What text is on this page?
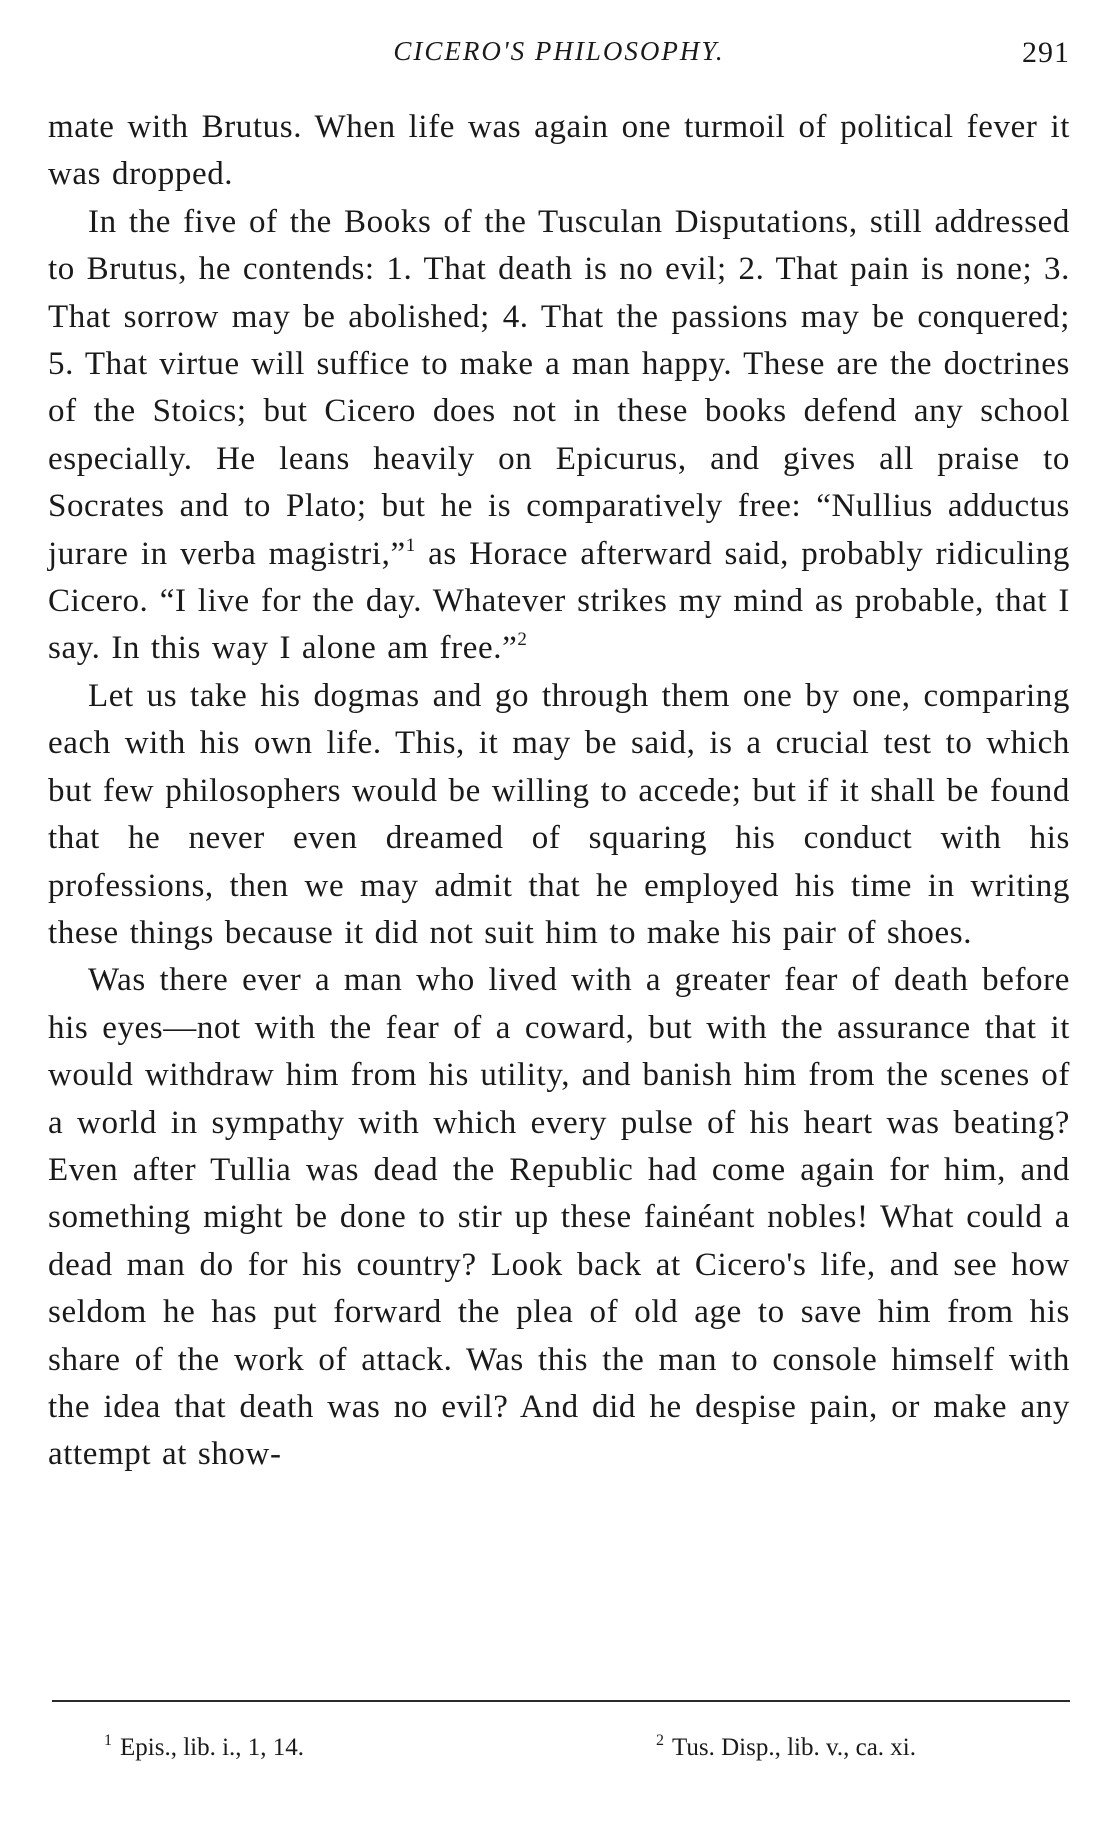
CICERO'S PHILOSOPHY.	291

mate with Brutus. When life was again one turmoil of political fever it was dropped.

In the five of the Books of the Tusculan Disputations, still addressed to Brutus, he contends: 1. That death is no evil; 2. That pain is none; 3. That sorrow may be abolished; 4. That the passions may be conquered; 5. That virtue will suffice to make a man happy. These are the doctrines of the Stoics; but Cicero does not in these books defend any school especially. He leans heavily on Epicurus, and gives all praise to Socrates and to Plato; but he is comparatively free: “Nullius adductus jurare in verba magistri,”$^1$ as Horace afterward said, probably ridiculing Cicero. “I live for the day. Whatever strikes my mind as probable, that I say. In this way I alone am free.”$^2$

Let us take his dogmas and go through them one by one, comparing each with his own life. This, it may be said, is a crucial test to which but few philosophers would be willing to accede; but if it shall be found that he never even dreamed of squaring his conduct with his professions, then we may admit that he employed his time in writing these things because it did not suit him to make his pair of shoes.

Was there ever a man who lived with a greater fear of death before his eyes—not with the fear of a coward, but with the assurance that it would withdraw him from his utility, and banish him from the scenes of a world in sympathy with which every pulse of his heart was beating? Even after Tullia was dead the Republic had come again for him, and something might be done to stir up these fainéant nobles! What could a dead man do for his country? Look back at Cicero's life, and see how seldom he has put forward the plea of old age to save him from his share of the work of attack. Was this the man to console himself with the idea that death was no evil? And did he despise pain, or make any attempt at show-

$^1$ Epis., lib. i., 1, 14.	$^2$ Tus. Disp., lib. v., ca. xi.
